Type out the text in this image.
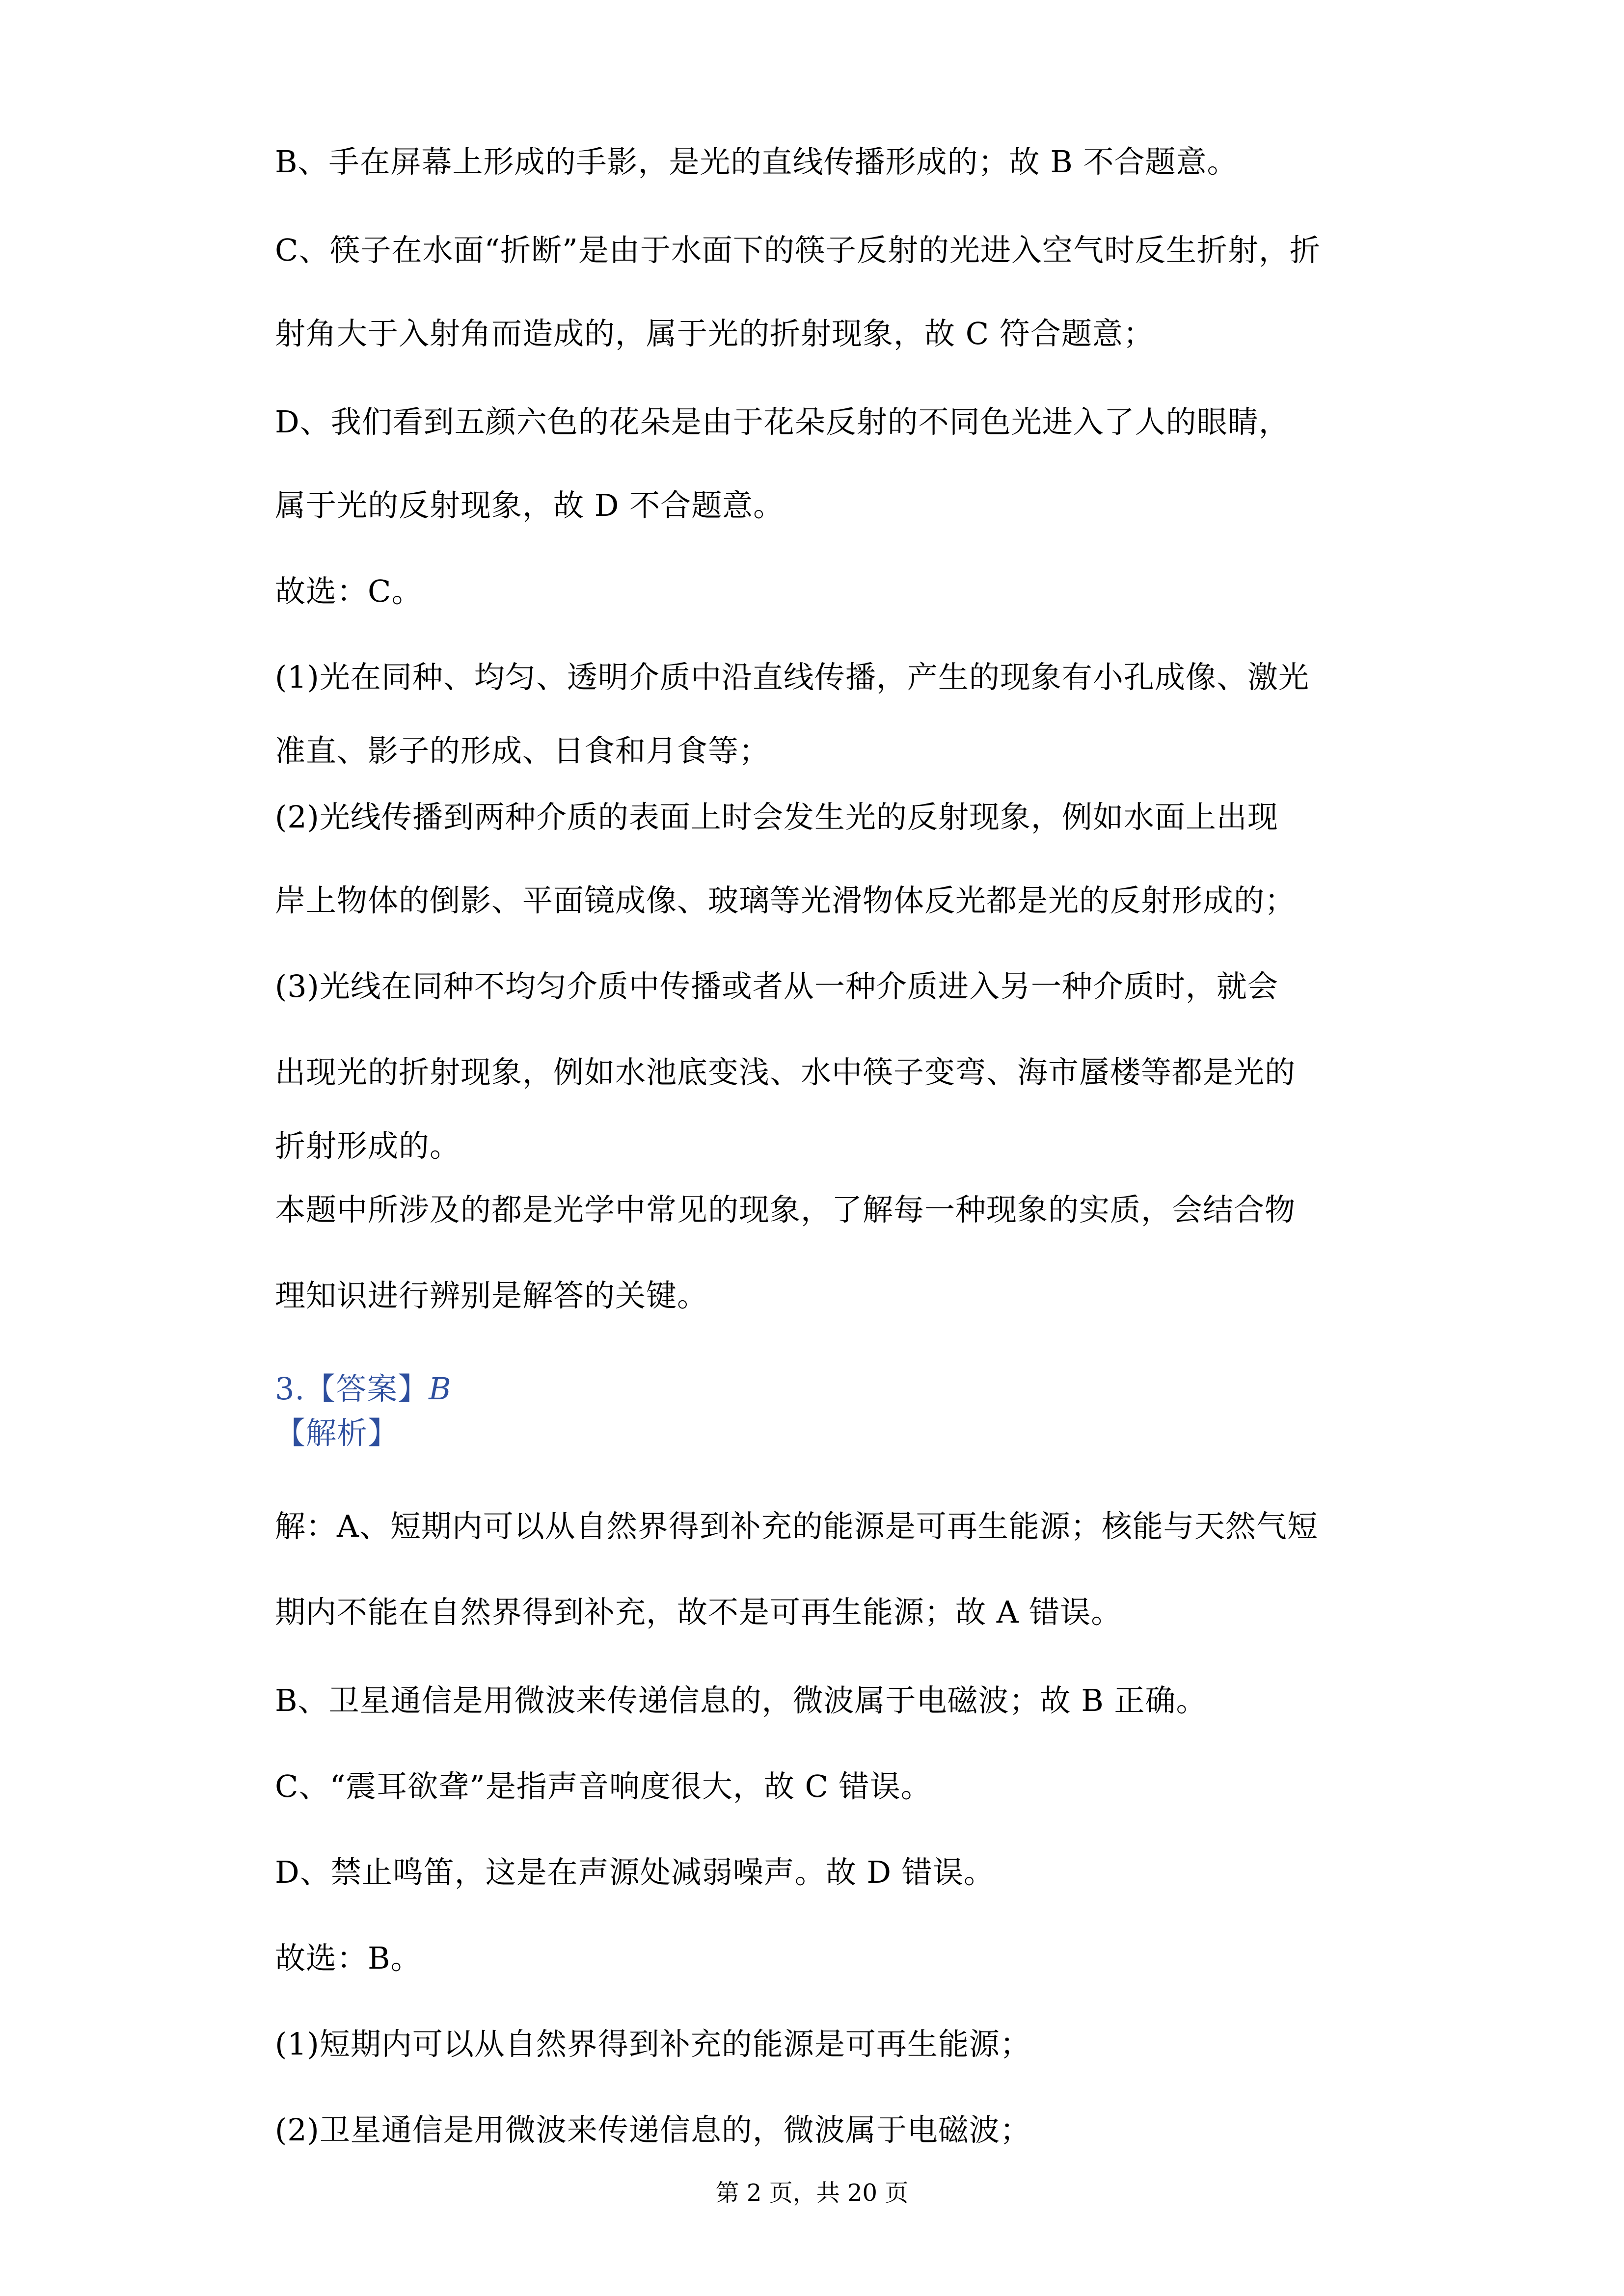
B、手在屏幕上形成的手影，是光的直线传播形成的；故 B 不合题意。
C、筷子在水面“折断”是由于水面下的筷子反射的光进入空气时反生折射，折
射角大于入射角而造成的，属于光的折射现象，故 C 符合题意；
D、我们看到五颜六色的花朵是由于花朵反射的不同色光进入了人的眼睛，
属于光的反射现象，故 D 不合题意。
故选：C。
(1)光在同种、均匀、透明介质中沿直线传播，产生的现象有小孔成像、激光
准直、影子的形成、日食和月食等；
(2)光线传播到两种介质的表面上时会发生光的反射现象，例如水面上出现
岸上物体的倒影、平面镜成像、玻璃等光滑物体反光都是光的反射形成的；
(3)光线在同种不均匀介质中传播或者从一种介质进入另一种介质时，就会
出现光的折射现象，例如水池底变浅、水中筷子变弯、海市蜃楼等都是光的
折射形成的。
本题中所涉及的都是光学中常见的现象，了解每一种现象的实质，会结合物
理知识进行辨别是解答的关键。
3.【答案】B
【解析】
解：A、短期内可以从自然界得到补充的能源是可再生能源；核能与天然气短
期内不能在自然界得到补充，故不是可再生能源；故 A 错误。
B、卫星通信是用微波来传递信息的，微波属于电磁波；故 B 正确。
C、“震耳欲聋”是指声音响度很大，故 C 错误。
D、禁止鸣笛，这是在声源处减弱噪声。故 D 错误。
故选：B。
(1)短期内可以从自然界得到补充的能源是可再生能源；
(2)卫星通信是用微波来传递信息的，微波属于电磁波；
第 2 页，共 20 页
